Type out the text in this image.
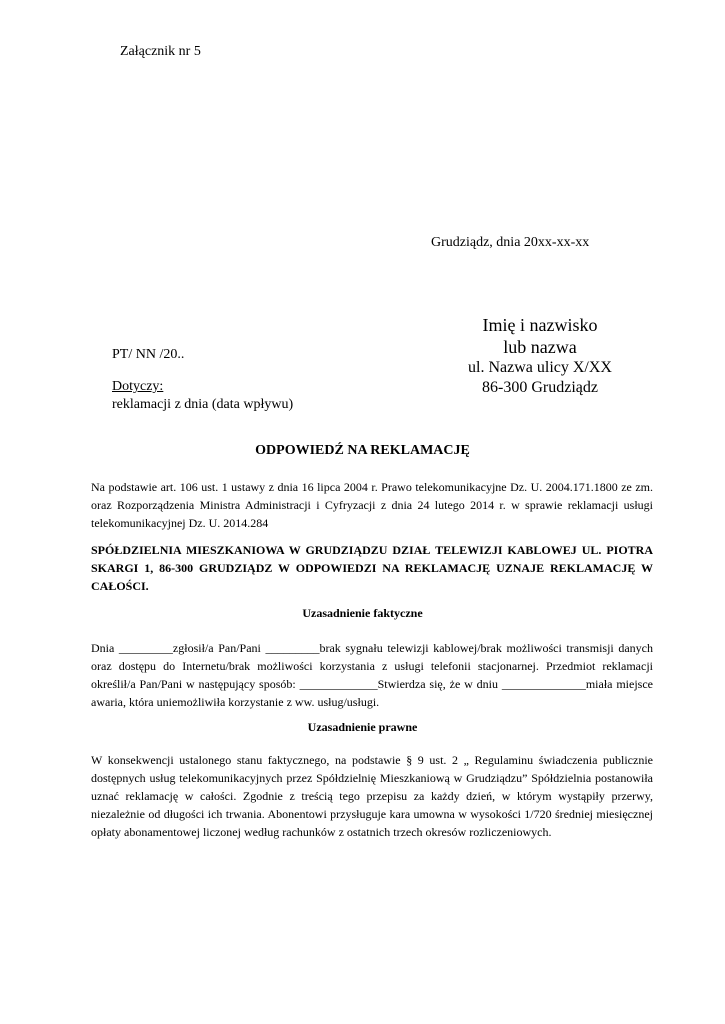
Załącznik nr 5
Grudziądz, dnia 20xx-xx-xx
Imię i nazwisko
lub nazwa
ul. Nazwa ulicy X/XX
86-300 Grudziądz
PT/ NN /20..
Dotyczy:
reklamacji z dnia (data wpływu)
ODPOWIEDŹ NA REKLAMACJĘ

Na podstawie art. 106 ust. 1 ustawy z dnia 16 lipca 2004 r. Prawo telekomunikacyjne Dz. U. 2004.171.1800 ze zm. oraz Rozporządzenia Ministra Administracji i Cyfryzacji z dnia 24 lutego 2014 r. w sprawie reklamacji usługi telekomunikacyjnej Dz. U. 2014.284

SPÓŁDZIELNIA MIESZKANIOWA W GRUDZIĄDZU DZIAŁ TELEWIZJI KABLOWEJ UL. PIOTRA SKARGI 1, 86-300 GRUDZIĄDZ W ODPOWIEDZI NA REKLAMACJĘ UZNAJE REKLAMACJĘ W CAŁOŚCI.

Uzasadnienie faktyczne

Dnia _________zgłosił/a Pan/Pani _________brak sygnału telewizji kablowej/brak możliwości transmisji danych oraz dostępu do Internetu/brak możliwości korzystania z usługi telefonii stacjonarnej. Przedmiot reklamacji określił/a Pan/Pani w następujący sposób: _____________Stwierdza się, że w dniu ______________miała miejsce awaria, która uniemożliwiła korzystanie z ww. usług/usługi.

Uzasadnienie prawne

W konsekwencji ustalonego stanu faktycznego, na podstawie § 9 ust. 2 „ Regulaminu świadczenia publicznie dostępnych usług telekomunikacyjnych przez Spółdzielnię Mieszkaniową w Grudziądzu” Spółdzielnia postanowiła uznać reklamację w całości. Zgodnie z treścią tego przepisu za każdy dzień, w którym wystąpiły przerwy, niezależnie od długości ich trwania. Abonentowi przysługuje kara umowna w wysokości 1/720 średniej miesięcznej opłaty abonamentowej liczonej według rachunków z ostatnich trzech okresów rozliczeniowych.
